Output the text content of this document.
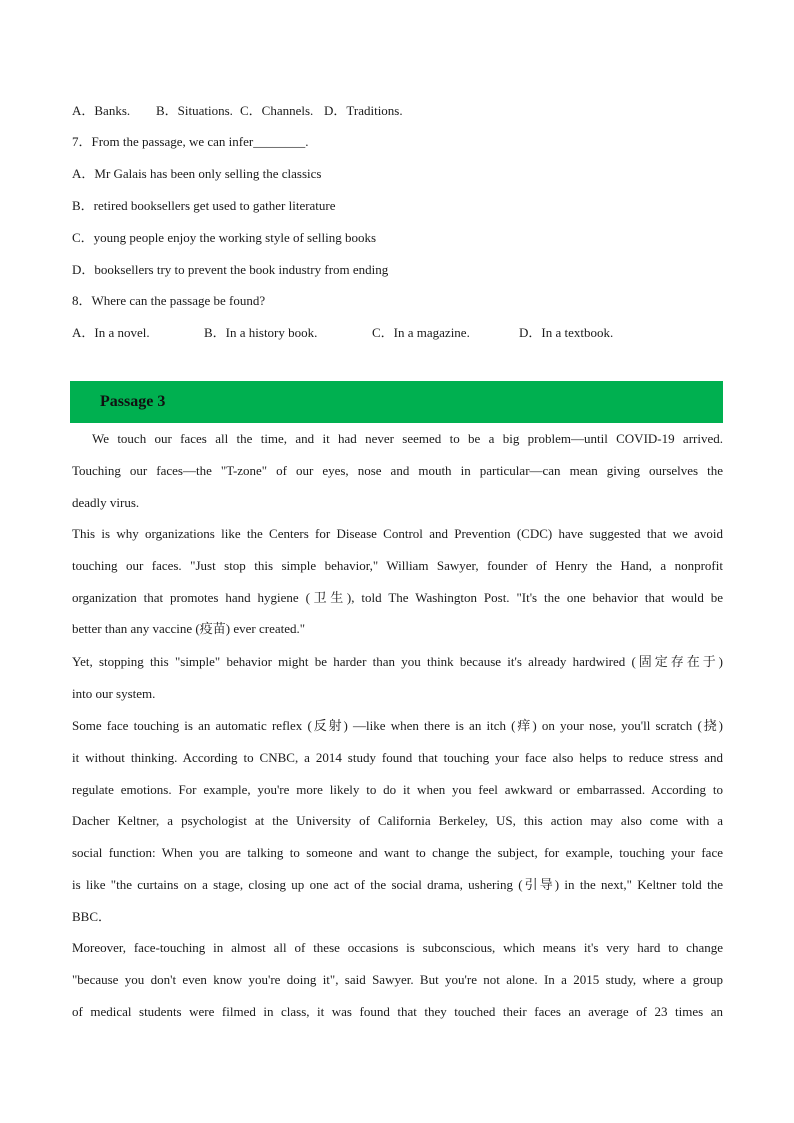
A．Banks. B．Situations. C．Channels. D．Traditions.
7．From the passage, we can infer________.
A．Mr Galais has been only selling the classics
B．retired booksellers get used to gather literature
C．young people enjoy the working style of selling books
D．booksellers try to prevent the book industry from ending
8．Where can the passage be found?
A．In a novel.	B．In a history book.	C．In a magazine.	D．In a textbook.
We touch our faces all the time, and it had never seemed to be a big problem—until COVID-19 arrived.
Touching our faces—the "T-zone" of our eyes, nose and mouth in particular—can mean giving ourselves the
deadly virus.
This is why organizations like the Centers for Disease Control and Prevention (CDC) have suggested that we avoid
touching our faces. "Just stop this simple behavior," William Sawyer, founder of Henry the Hand, a nonprofit
organization that promotes hand hygiene (卫生), told The Washington Post. "It's the one behavior that would be
better than any vaccine (疫苗) ever created."
Yet, stopping this "simple" behavior might be harder than you think because it's already hardwired (固定存在于)
into our system.
Some face touching is an automatic reflex (反射) —like when there is an itch (痒) on your nose, you'll scratch (挠)
it without thinking. According to CNBC, a 2014 study found that touching your face also helps to reduce stress and
regulate emotions. For example, you're more likely to do it when you feel awkward or embarrassed. According to
Dacher Keltner, a psychologist at the University of California Berkeley, US, this action may also come with a
social function: When you are talking to someone and want to change the subject, for example, touching your face
is like "the curtains on a stage, closing up one act of the social drama, ushering (引导) in the next," Keltner told the
BBC．
Moreover, face-touching in almost all of these occasions is subconscious, which means it's very hard to change
"because you don't even know you're doing it", said Sawyer. But you're not alone. In a 2015 study, where a group
of medical students were filmed in class, it was found that they touched their faces an average of 23 times an
Passage 3
